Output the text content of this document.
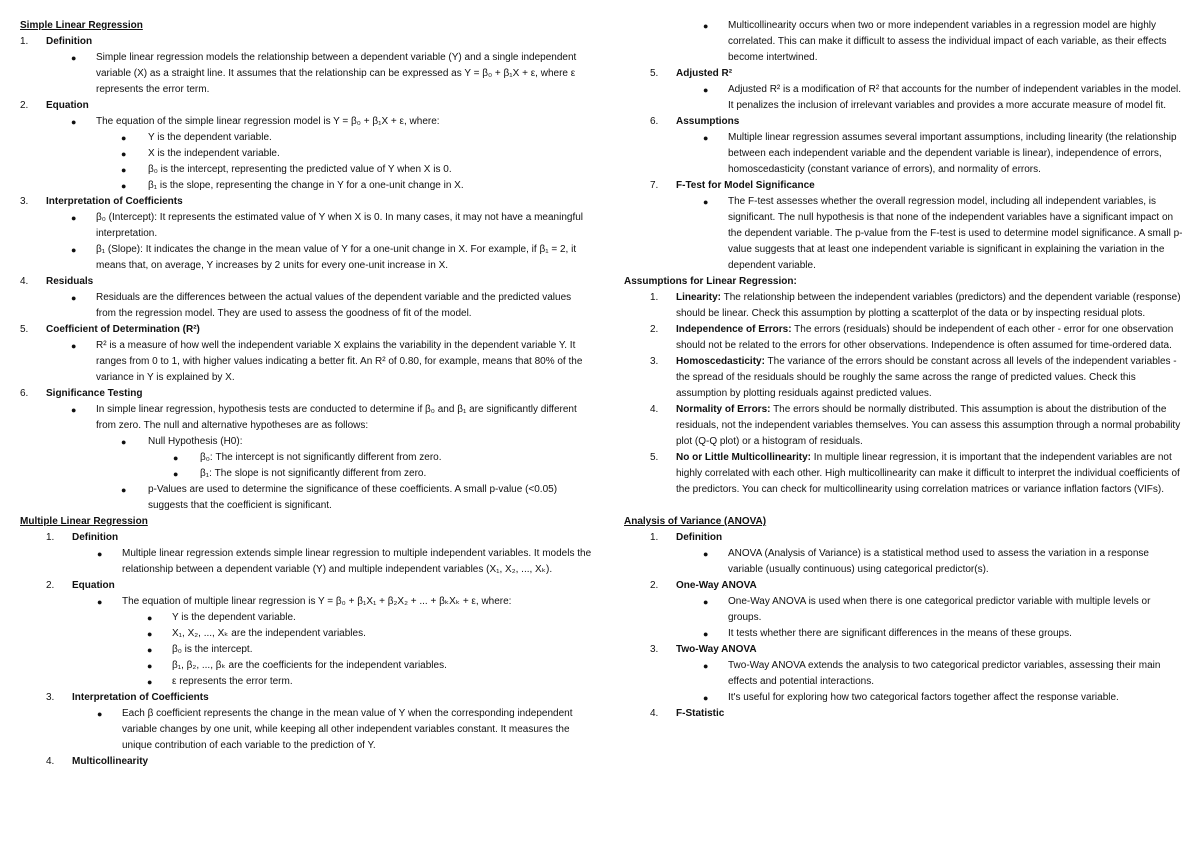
Simple Linear Regression
1. Definition
● Simple linear regression models the relationship between a dependent variable (Y) and a single independent variable (X) as a straight line. It assumes that the relationship can be expressed as Y = β₀ + β₁X + ε, where ε represents the error term.
2. Equation
● The equation of the simple linear regression model is Y = β₀ + β₁X + ε, where:
● Y is the dependent variable.
● X is the independent variable.
● β₀ is the intercept, representing the predicted value of Y when X is 0.
● β₁ is the slope, representing the change in Y for a one-unit change in X.
3. Interpretation of Coefficients
● β₀ (Intercept): It represents the estimated value of Y when X is 0. In many cases, it may not have a meaningful interpretation.
● β₁ (Slope): It indicates the change in the mean value of Y for a one-unit change in X. For example, if β₁ = 2, it means that, on average, Y increases by 2 units for every one-unit increase in X.
4. Residuals
● Residuals are the differences between the actual values of the dependent variable and the predicted values from the regression model. They are used to assess the goodness of fit of the model.
5. Coefficient of Determination (R²)
● R² is a measure of how well the independent variable X explains the variability in the dependent variable Y. It ranges from 0 to 1, with higher values indicating a better fit. An R² of 0.80, for example, means that 80% of the variance in Y is explained by X.
6. Significance Testing
● In simple linear regression, hypothesis tests are conducted to determine if β₀ and β₁ are significantly different from zero. The null and alternative hypotheses are as follows:
● Null Hypothesis (H0):
● β₀: The intercept is not significantly different from zero.
● β₁: The slope is not significantly different from zero.
● p-Values are used to determine the significance of these coefficients. A small p-value (<0.05) suggests that the coefficient is significant.
Multiple Linear Regression
1. Definition
● Multiple linear regression extends simple linear regression to multiple independent variables. It models the relationship between a dependent variable (Y) and multiple independent variables (X₁, X₂, ..., Xₖ).
2. Equation
● The equation of multiple linear regression is Y = β₀ + β₁X₁ + β₂X₂ + ... + βₖXₖ + ε, where:
● Y is the dependent variable.
● X₁, X₂, ..., Xₖ are the independent variables.
● β₀ is the intercept.
● β₁, β₂, ..., βₖ are the coefficients for the independent variables.
● ε represents the error term.
3. Interpretation of Coefficients
● Each β coefficient represents the change in the mean value of Y when the corresponding independent variable changes by one unit, while keeping all other independent variables constant. It measures the unique contribution of each variable to the prediction of Y.
4. Multicollinearity
● Multicollinearity occurs when two or more independent variables in a regression model are highly correlated. This can make it difficult to assess the individual impact of each variable, as their effects become intertwined.
5. Adjusted R²
● Adjusted R² is a modification of R² that accounts for the number of independent variables in the model. It penalizes the inclusion of irrelevant variables and provides a more accurate measure of model fit.
6. Assumptions
● Multiple linear regression assumes several important assumptions, including linearity (the relationship between each independent variable and the dependent variable is linear), independence of errors, homoscedasticity (constant variance of errors), and normality of errors.
7. F-Test for Model Significance
● The F-test assesses whether the overall regression model, including all independent variables, is significant. The null hypothesis is that none of the independent variables have a significant impact on the dependent variable. The p-value from the F-test is used to determine model significance. A small p-value suggests that at least one independent variable is significant in explaining the variation in the dependent variable.
Assumptions for Linear Regression:
1. Linearity: The relationship between the independent variables (predictors) and the dependent variable (response) should be linear. Check this assumption by plotting a scatterplot of the data or by inspecting residual plots.
2. Independence of Errors: The errors (residuals) should be independent of each other - error for one observation should not be related to the errors for other observations. Independence is often assumed for time-ordered data.
3. Homoscedasticity: The variance of the errors should be constant across all levels of the independent variables - the spread of the residuals should be roughly the same across the range of predicted values. Check this assumption by plotting residuals against predicted values.
4. Normality of Errors: The errors should be normally distributed. This assumption is about the distribution of the residuals, not the independent variables themselves. You can assess this assumption through a normal probability plot (Q-Q plot) or a histogram of residuals.
5. No or Little Multicollinearity: In multiple linear regression, it is important that the independent variables are not highly correlated with each other. High multicollinearity can make it difficult to interpret the individual coefficients of the predictors. You can check for multicollinearity using correlation matrices or variance inflation factors (VIFs).
Analysis of Variance (ANOVA)
1. Definition
● ANOVA (Analysis of Variance) is a statistical method used to assess the variation in a response variable (usually continuous) using categorical predictor(s).
2. One-Way ANOVA
● One-Way ANOVA is used when there is one categorical predictor variable with multiple levels or groups.
● It tests whether there are significant differences in the means of these groups.
3. Two-Way ANOVA
● Two-Way ANOVA extends the analysis to two categorical predictor variables, assessing their main effects and potential interactions.
● It's useful for exploring how two categorical factors together affect the response variable.
4. F-Statistic
